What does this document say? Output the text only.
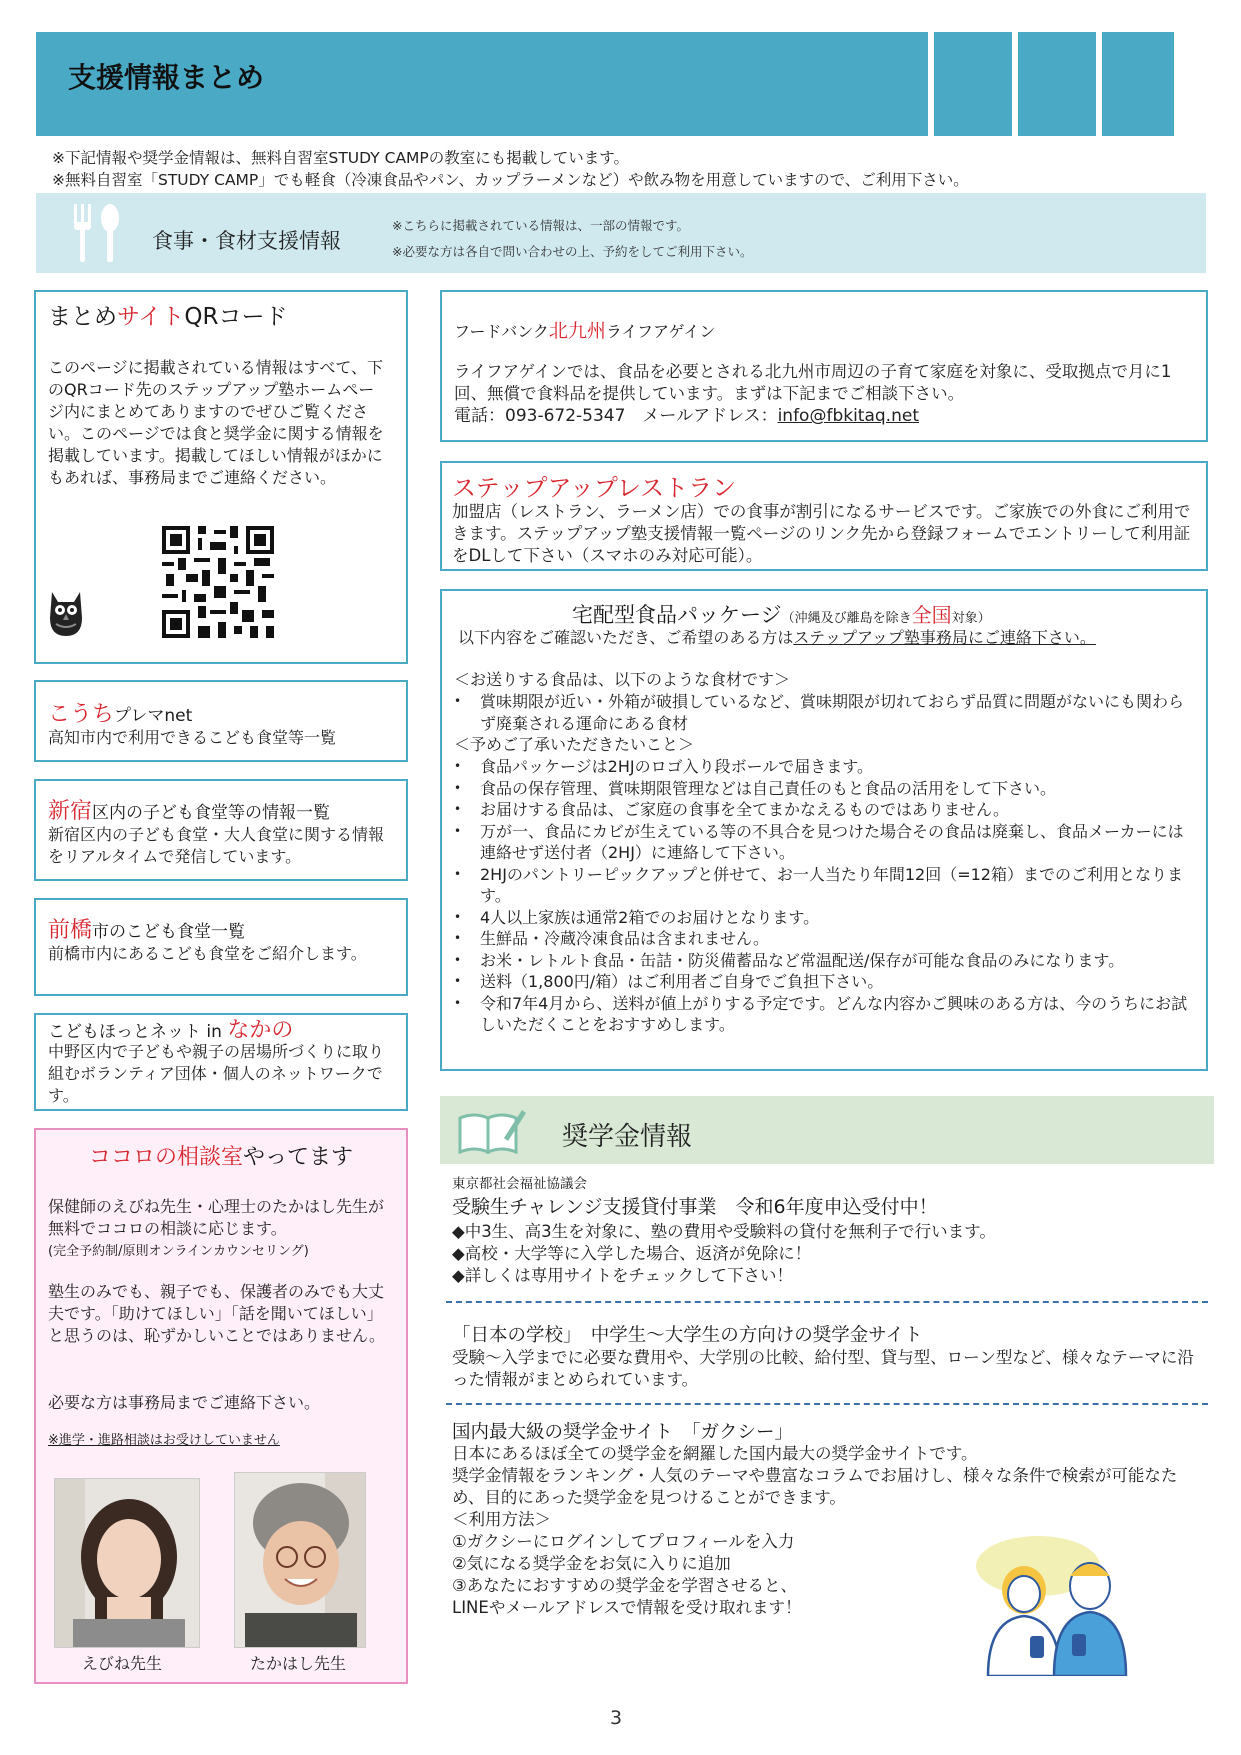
支援情報まとめ
※下記情報や奨学金情報は、無料自習室STUDY CAMPの教室にも掲載しています。
※無料自習室「STUDY CAMP」でも軽食（冷凍食品やパン、カップラーメンなど）や飲み物を用意していますので、ご利用下さい。
食事・食材支援情報
※こちらに掲載されている情報は、一部の情報です。
※必要な方は各自で問い合わせの上、予約をしてご利用下さい。
まとめサイトQRコード
このページに掲載されている情報はすべて、下のQRコード先のステップアップ塾ホームページ内にまとめてありますのでぜひご覧ください。このページでは食と奨学金に関する情報を掲載しています。掲載してほしい情報がほかにもあれば、事務局までご連絡ください。
こうちプレマnet
高知市内で利用できるこども食堂等一覧
新宿区内の子ども食堂等の情報一覧
新宿区内の子ども食堂・大人食堂に関する情報をリアルタイムで発信しています。
前橋市のこども食堂一覧
前橋市内にあるこども食堂をご紹介します。
こどもほっとネット in なかの
中野区内で子どもや親子の居場所づくりに取り組むボランティア団体・個人のネットワークです。
ココロの相談室やってます
保健師のえびね先生・心理士のたかはし先生が無料でココロの相談に応じます。
(完全予約制/原則オンラインカウンセリング)
塾生のみでも、親子でも、保護者のみでも大丈夫です。「助けてほしい」「話を聞いてほしい」と思うのは、恥ずかしいことではありません。
必要な方は事務局までご連絡下さい。
※進学・進路相談はお受けしていません
えびね先生	たかはし先生
フードバンク北九州ライフアゲイン
ライフアゲインでは、食品を必要とされる北九州市周辺の子育て家庭を対象に、受取拠点で月に1回、無償で食料品を提供しています。まずは下記までご相談下さい。
電話：093-672-5347　メールアドレス：info@fbkitaq.net
ステップアップレストラン
加盟店（レストラン、ラーメン店）での食事が割引になるサービスです。ご家族での外食にご利用できます。ステップアップ塾支援情報一覧ページのリンク先から登録フォームでエントリーして利用証をDLして下さい（スマホのみ対応可能）。
宅配型食品パッケージ（沖縄及び離島を除き全国対象）
以下内容をご確認いただき、ご希望のある方はステップアップ塾事務局にご連絡下さい。
＜お送りする食品は、以下のような食材です＞
• 賞味期限が近い・外箱が破損しているなど、賞味期限が切れておらず品質に問題がないにも関わらず廃棄される運命にある食材
＜予めご了承いただきたいこと＞
• 食品パッケージは2HJのロゴ入り段ボールで届きます。
• 食品の保存管理、賞味期限管理などは自己責任のもと食品の活用をして下さい。
• お届けする食品は、ご家庭の食事を全てまかなえるものではありません。
• 万が一、食品にカビが生えている等の不具合を見つけた場合その食品は廃棄し、食品メーカーには連絡せず送付者（2HJ）に連絡して下さい。
• 2HJのパントリーピックアップと併せて、お一人当たり年間12回（=12箱）までのご利用となります。
• 4人以上家族は通常2箱でのお届けとなります。
• 生鮮品・冷蔵冷凍食品は含まれません。
• お米・レトルト食品・缶詰・防災備蓄品など常温配送/保存が可能な食品のみになります。
• 送料（1,800円/箱）はご利用者ご自身でご負担下さい。
• 令和7年4月から、送料が値上がりする予定です。どんな内容かご興味のある方は、今のうちにお試しいただくことをおすすめします。
奨学金情報
東京都社会福祉協議会
受験生チャレンジ支援貸付事業　令和6年度申込受付中！
◆中3生、高3生を対象に、塾の費用や受験料の貸付を無利子で行います。
◆高校・大学等に入学した場合、返済が免除に！
◆詳しくは専用サイトをチェックして下さい！
「日本の学校」　中学生～大学生の方向けの奨学金サイト
受験～入学までに必要な費用や、大学別の比較、給付型、貸与型、ローン型など、様々なテーマに沿った情報がまとめられています。
国内最大級の奨学金サイト　「ガクシー」
日本にあるほぼ全ての奨学金を網羅した国内最大の奨学金サイトです。
奨学金情報をランキング・人気のテーマや豊富なコラムでお届けし、様々な条件で検索が可能なため、目的にあった奨学金を見つけることができます。
＜利用方法＞
①ガクシーにログインしてプロフィールを入力
②気になる奨学金をお気に入りに追加
③あなたにおすすめの奨学金を学習させると、
LINEやメールアドレスで情報を受け取れます！
3
